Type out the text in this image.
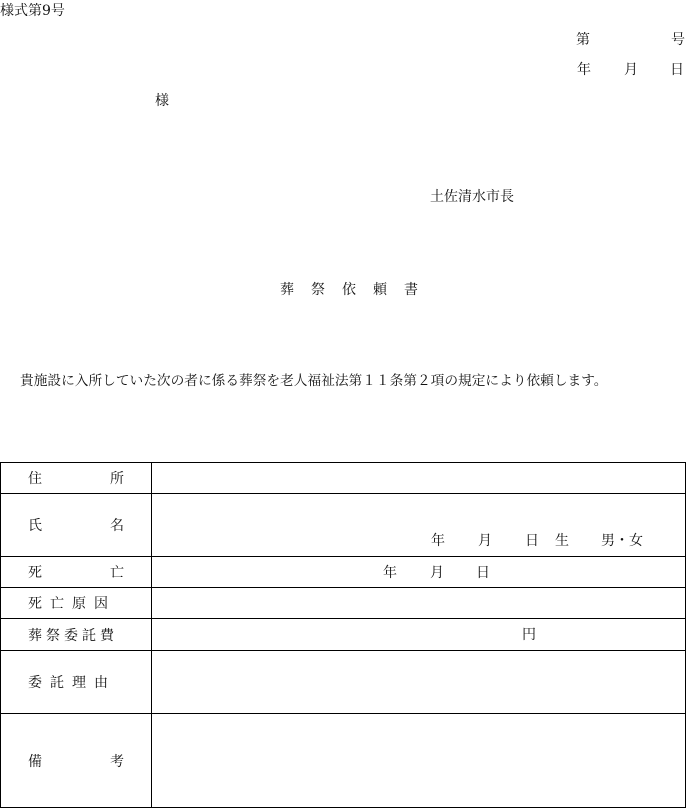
様式第9号
第	号
年 月 日
様
土佐清水市長
葬 祭 依 頼 書
貴施設に入所していた次の者に係る葬祭を老人福祉法第１１条第２項の規定により依頼します。
住 所	

氏 名	年 月 日 生 男・女

死 亡	年 月 日

死 亡 原 因	

葬 祭 委 託 費	円

委 託 理 由	

備 考	
